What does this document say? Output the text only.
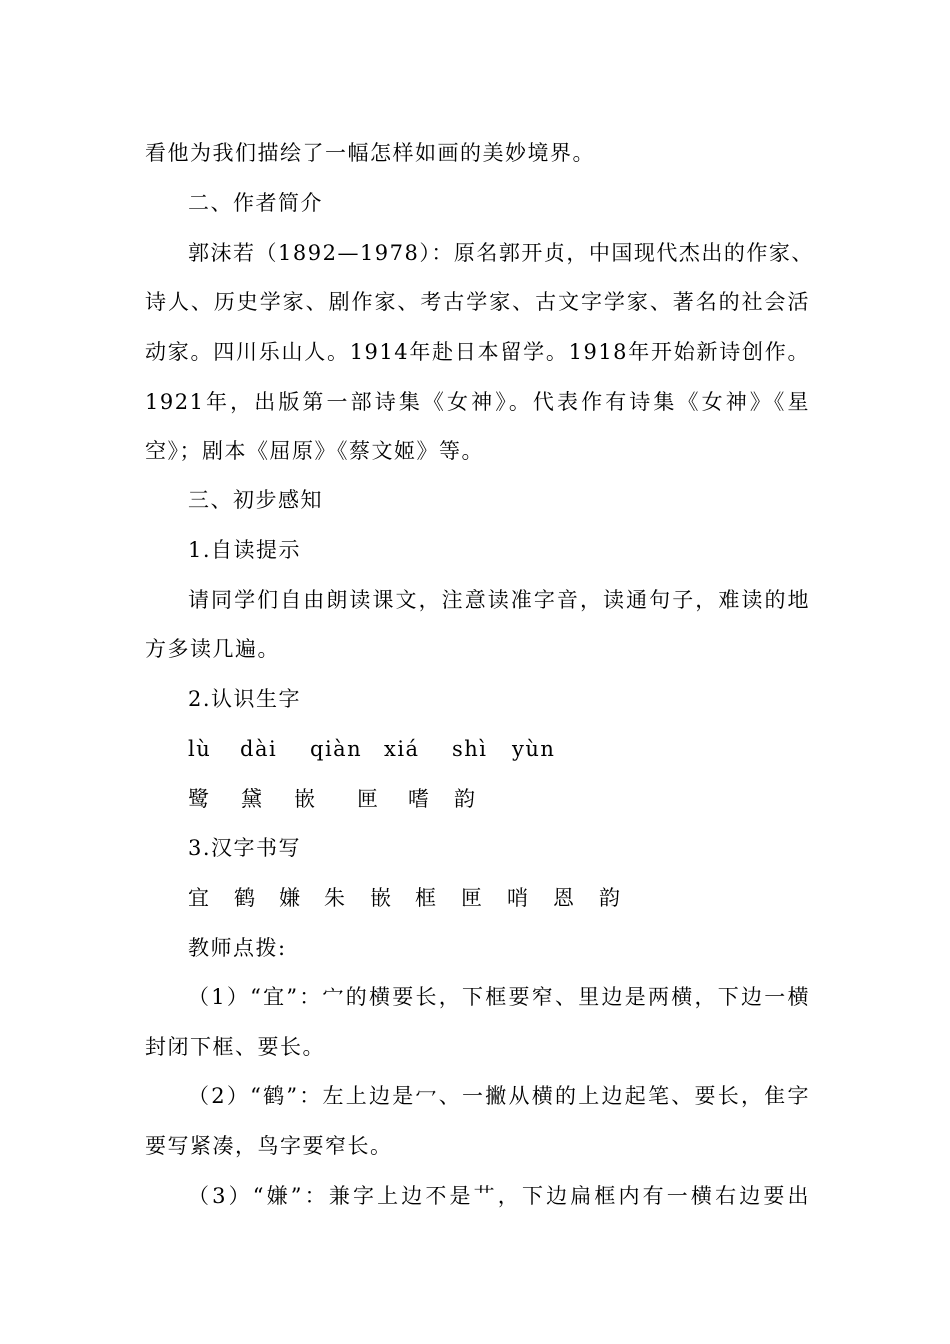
看他为我们描绘了一幅怎样如画的美妙境界。
二、作者简介
郭沫若（1892—1978）：原名郭开贞，中国现代杰出的作家、
诗人、历史学家、剧作家、考古学家、古文字学家、著名的社会活
动家。四川乐山人。1914年赴日本留学。1918年开始新诗创作。
1921年，出版第一部诗集《女神》。代表作有诗集《女神》《星
空》；剧本《屈原》《蔡文姬》等。
三、初步感知
1.自读提示
请同学们自由朗读课文，注意读准字音，读通句子，难读的地
方多读几遍。
2.认识生字
lù dài qiàn xiá shì yùn
鹭 黛 嵌 匣 嗜 韵
3.汉字书写
宜 鹤 嫌 朱 嵌 框 匣 哨 恩 韵
教师点拨:
（1）“宜”：宀的横要长，下框要窄、里边是两横，下边一横
封闭下框、要长。
（2）“鹤”：左上边是冖、一撇从横的上边起笔、要长，隹字
要写紧凑，鸟字要窄长。
（3）“嫌”：兼字上边不是艹，下边扁框内有一横右边要出
